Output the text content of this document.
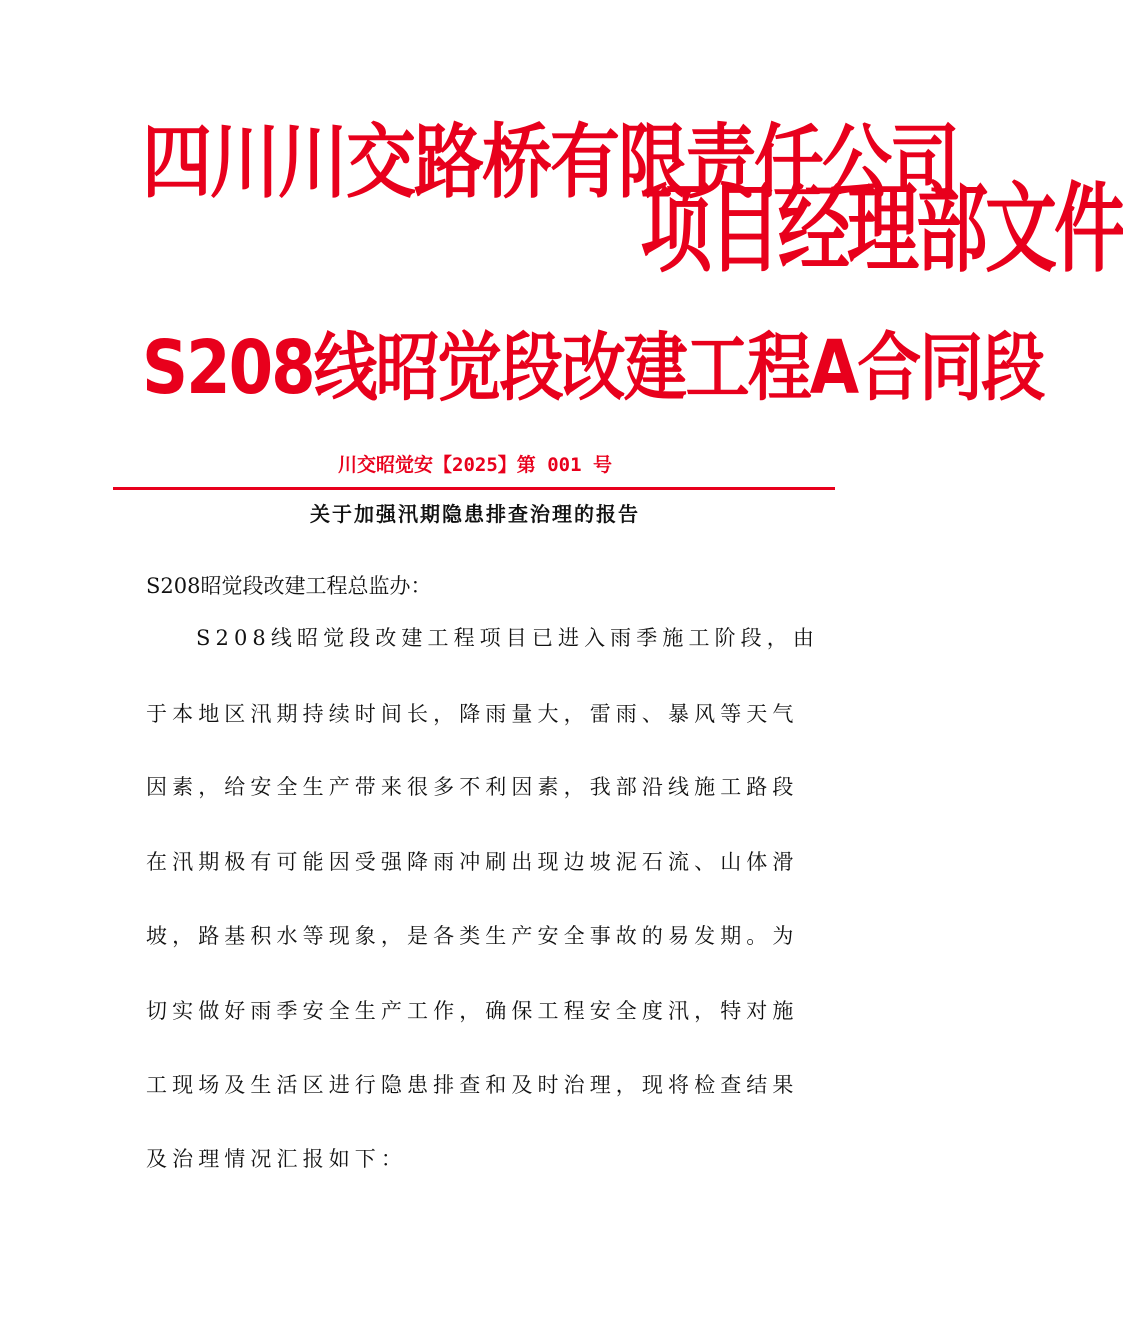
四川川交路桥有限责任公司
项目经理部文件
S208线昭觉段改建工程A合同段
川交昭觉安【2025】第 001 号
关于加强汛期隐患排查治理的报告
S208昭觉段改建工程总监办：
S208线昭觉段改建工程项目已进入雨季施工阶段，由
于本地区汛期持续时间长，降雨量大，雷雨、暴风等天气
因素，给安全生产带来很多不利因素，我部沿线施工路段
在汛期极有可能因受强降雨冲刷出现边坡泥石流、山体滑
坡，路基积水等现象，是各类生产安全事故的易发期。为
切实做好雨季安全生产工作，确保工程安全度汛，特对施
工现场及生活区进行隐患排查和及时治理，现将检查结果
及治理情况汇报如下：
